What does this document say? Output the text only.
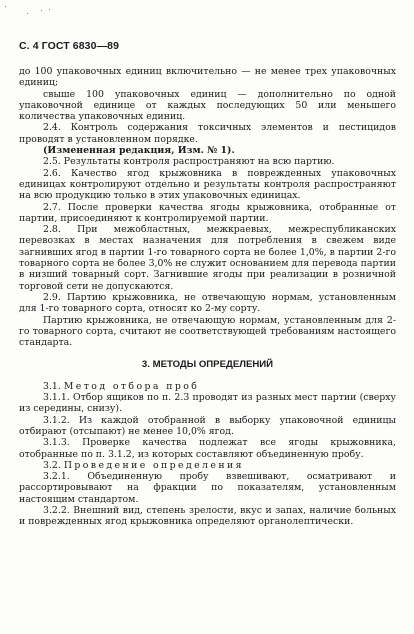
С. 4 ГОСТ 6830—89

до 100 упаковочных единиц включительно — не менее трех упаковочных единиц;

свыше 100 упаковочных единиц — дополнительно по одной упаковочной единице от каждых последующих 50 или меньшего количества упаковочных единиц.

2.4. Контроль содержания токсичных элементов и пестицидов проводят в установленном порядке.

(Измененная редакция, Изм. № 1).

2.5. Результаты контроля распространяют на всю партию.

2.6. Качество ягод крыжовника в поврежденных упаковочных единицах контролируют отдельно и результаты контроля распространяют на всю продукцию только в этих упаковочных единицах.

2.7. После проверки качества ягоды крыжовника, отобранные от партии, присоединяют к контролируемой партии.

2.8. При межобластных, межкраевых, межреспубликанских перевозках в местах назначения для потребления в свежем виде загнивших ягод в партии 1-го товарного сорта не более 1,0%, в партии 2-го товарного сорта не более 3,0% не служит основанием для перевода партии в низший товарный сорт. Загнившие ягоды при реализации в розничной торговой сети не допускаются.

2.9. Партию крыжовника, не отвечающую нормам, установленным для 1-го товарного сорта, относят ко 2-му сорту.

Партию крыжовника, не отвечающую нормам, установленным для 2-го товарного сорта, считают не соответствующей требованиям настоящего стандарта.

3. МЕТОДЫ ОПРЕДЕЛЕНИЙ

3.1. Метод отбора проб

3.1.1. Отбор ящиков по п. 2.3 проводят из разных мест партии (сверху из середины, снизу).

3.1.2. Из каждой отобранной в выборку упаковочной единицы отбирают (отсыпают) не менее 10,0% ягод.

3.1.3. Проверке качества подлежат все ягоды крыжовника, отобранные по п. 3.1.2, из которых составляют объединенную пробу.

3.2. Проведение определения

3.2.1. Объединенную пробу взвешивают, осматривают и рассортировывают на фракции по показателям, установленным настоящим стандартом.

3.2.2. Внешний вид, степень зрелости, вкус и запах, наличие больных и поврежденных ягод крыжовника определяют органолептически.
